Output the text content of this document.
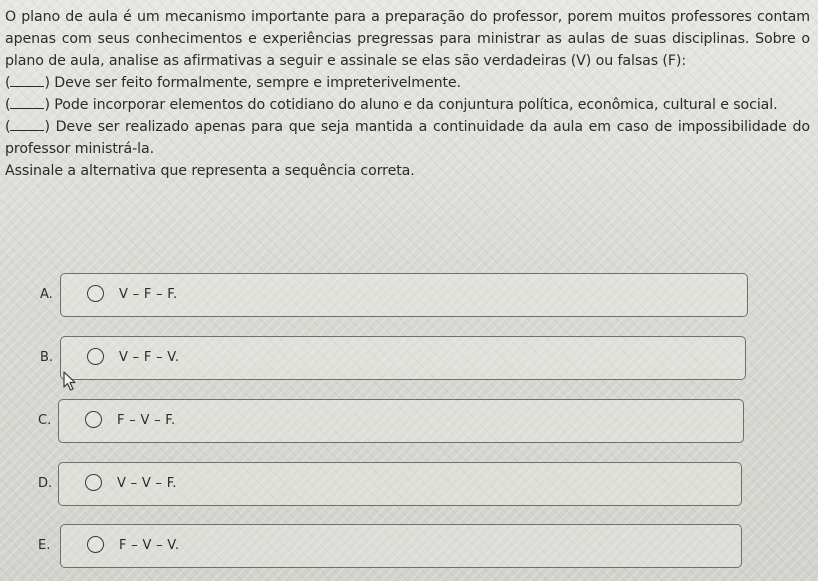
O plano de aula é um mecanismo importante para a preparação do professor, porem muitos professores contam apenas com seus conhecimentos e experiências pregressas para ministrar as aulas de suas disciplinas. Sobre o plano de aula, analise as afirmativas a seguir e assinale se elas são verdadeiras (V) ou falsas (F):

( ) Deve ser feito formalmente, sempre e impreterivelmente.

( ) Pode incorporar elementos do cotidiano do aluno e da conjuntura política, econômica, cultural e social.

( ) Deve ser realizado apenas para que seja mantida a continuidade da aula em caso de impossibilidade do professor ministrá-la.

Assinale a alternativa que representa a sequência correta.

A.	V – F – F.
B.	V – F – V.
C.	F – V – F.
D.	V – V – F.
E.	F – V – V.
